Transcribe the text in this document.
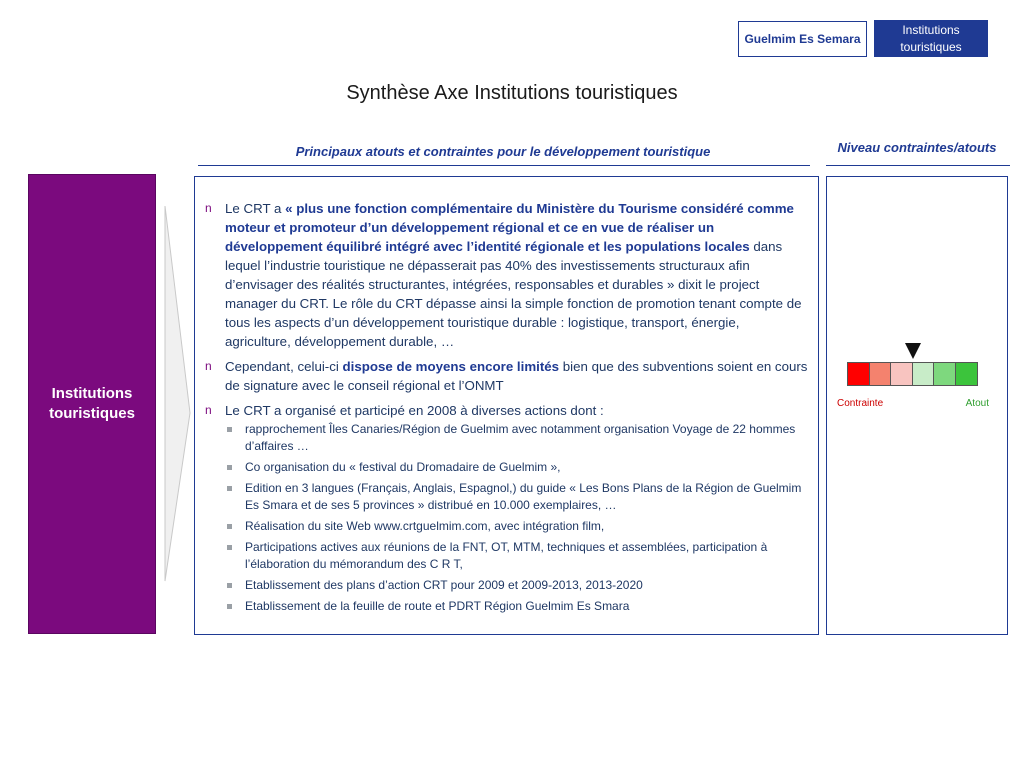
Guelmim Es Semara
Institutions touristiques
Synthèse Axe Institutions touristiques
Principaux atouts et contraintes pour le développement touristique	Niveau contraintes/atouts
Institutions touristiques
n Le CRT a « plus une fonction complémentaire du Ministère du Tourisme considéré comme moteur et promoteur d’un développement régional et ce en vue de réaliser un développement équilibré intégré avec l’identité régionale et les populations locales dans lequel l’industrie touristique ne dépasserait pas 40% des investissements structuraux afin d’envisager des réalités structurantes, intégrées, responsables et durables » dixit le project manager du CRT. Le rôle du CRT dépasse ainsi la simple fonction de promotion tenant compte de tous les aspects d’un développement touristique durable : logistique, transport, énergie, agriculture, développement durable, …
n Cependant, celui-ci dispose de moyens encore limités bien que des subventions soient en cours de signature avec le conseil régional et l’ONMT
n Le CRT a organisé et participé en 2008 à diverses actions dont :
rapprochement Îles Canaries/Région de Guelmim avec notamment organisation Voyage de 22 hommes d’affaires …
Co organisation du « festival du Dromadaire de Guelmim »,
Edition en 3 langues (Français, Anglais, Espagnol,) du guide « Les Bons Plans de la Région de Guelmim Es Smara et de ses 5 provinces » distribué en 10.000 exemplaires, …
Réalisation du site Web www.crtguelmim.com, avec intégration film,
Participations actives aux réunions de la FNT, OT, MTM, techniques et assemblées, participation à l’élaboration du mémorandum des C R T,
Etablissement des plans d’action CRT pour 2009 et 2009-2013, 2013-2020
Etablissement de la feuille de route et PDRT Région Guelmim Es Smara
Contrainte	Atout
